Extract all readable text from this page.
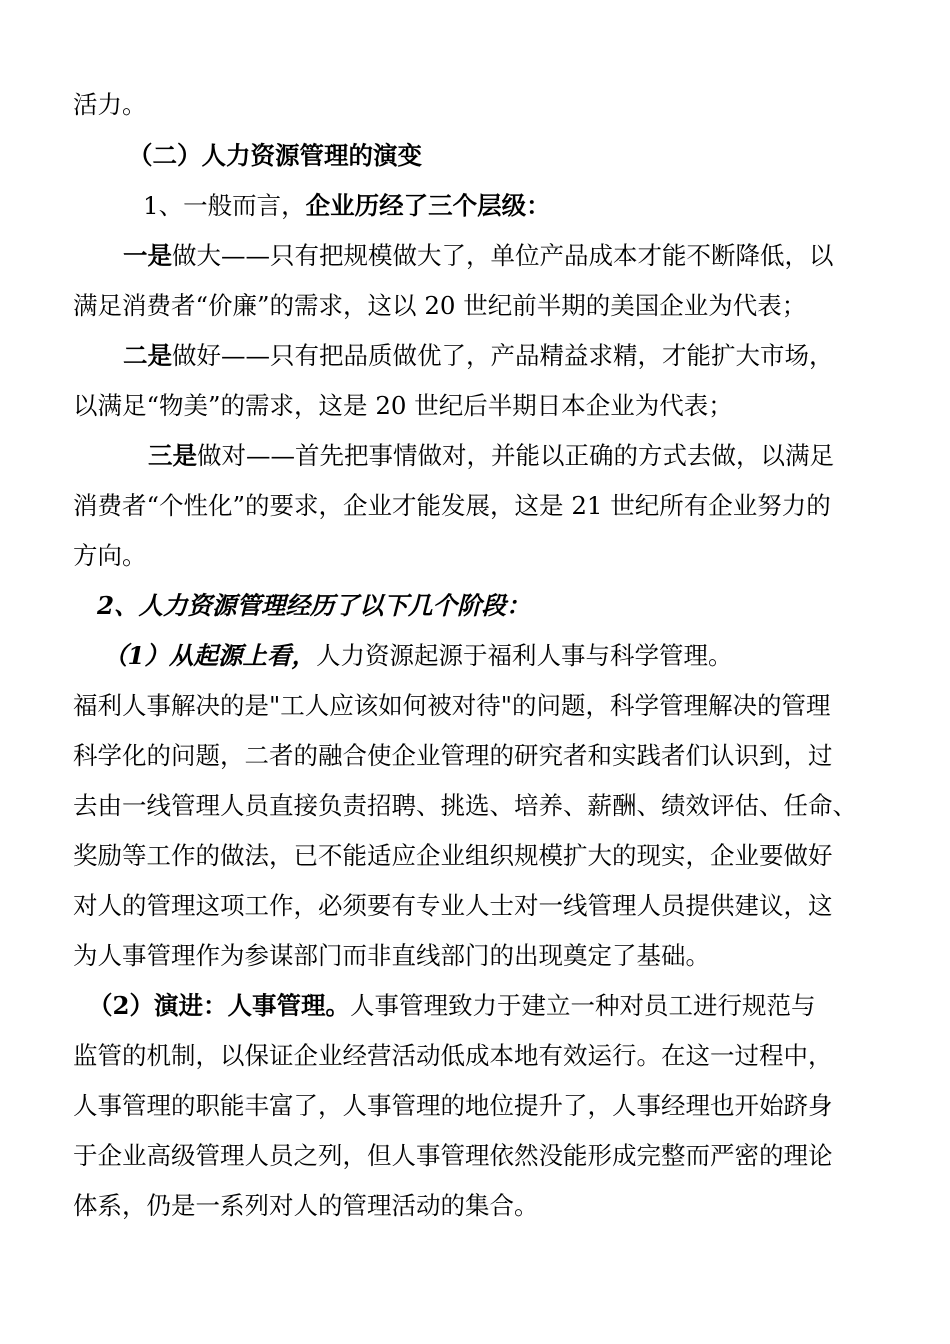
活力。
（二）人力资源管理的演变
1、一般而言，企业历经了三个层级：
一是做大——只有把规模做大了，单位产品成本才能不断降低，以
满足消费者“价廉”的需求，这以 20 世纪前半期的美国企业为代表；
二是做好——只有把品质做优了，产品精益求精，才能扩大市场，
以满足“物美”的需求，这是 20 世纪后半期日本企业为代表；
三是做对——首先把事情做对，并能以正确的方式去做，以满足
消费者“个性化”的要求，企业才能发展，这是 21 世纪所有企业努力的
方向。
2、人力资源管理经历了以下几个阶段：
（1）从起源上看，人力资源起源于福利人事与科学管理。
福利人事解决的是"工人应该如何被对待"的问题，科学管理解决的管理
科学化的问题，二者的融合使企业管理的研究者和实践者们认识到，过
去由一线管理人员直接负责招聘、挑选、培养、薪酬、绩效评估、任命、
奖励等工作的做法，已不能适应企业组织规模扩大的现实，企业要做好
对人的管理这项工作，必须要有专业人士对一线管理人员提供建议，这
为人事管理作为参谋部门而非直线部门的出现奠定了基础。
（2）演进：人事管理。人事管理致力于建立一种对员工进行规范与
监管的机制，以保证企业经营活动低成本地有效运行。在这一过程中，
人事管理的职能丰富了，人事管理的地位提升了，人事经理也开始跻身
于企业高级管理人员之列，但人事管理依然没能形成完整而严密的理论
体系，仍是一系列对人的管理活动的集合。
